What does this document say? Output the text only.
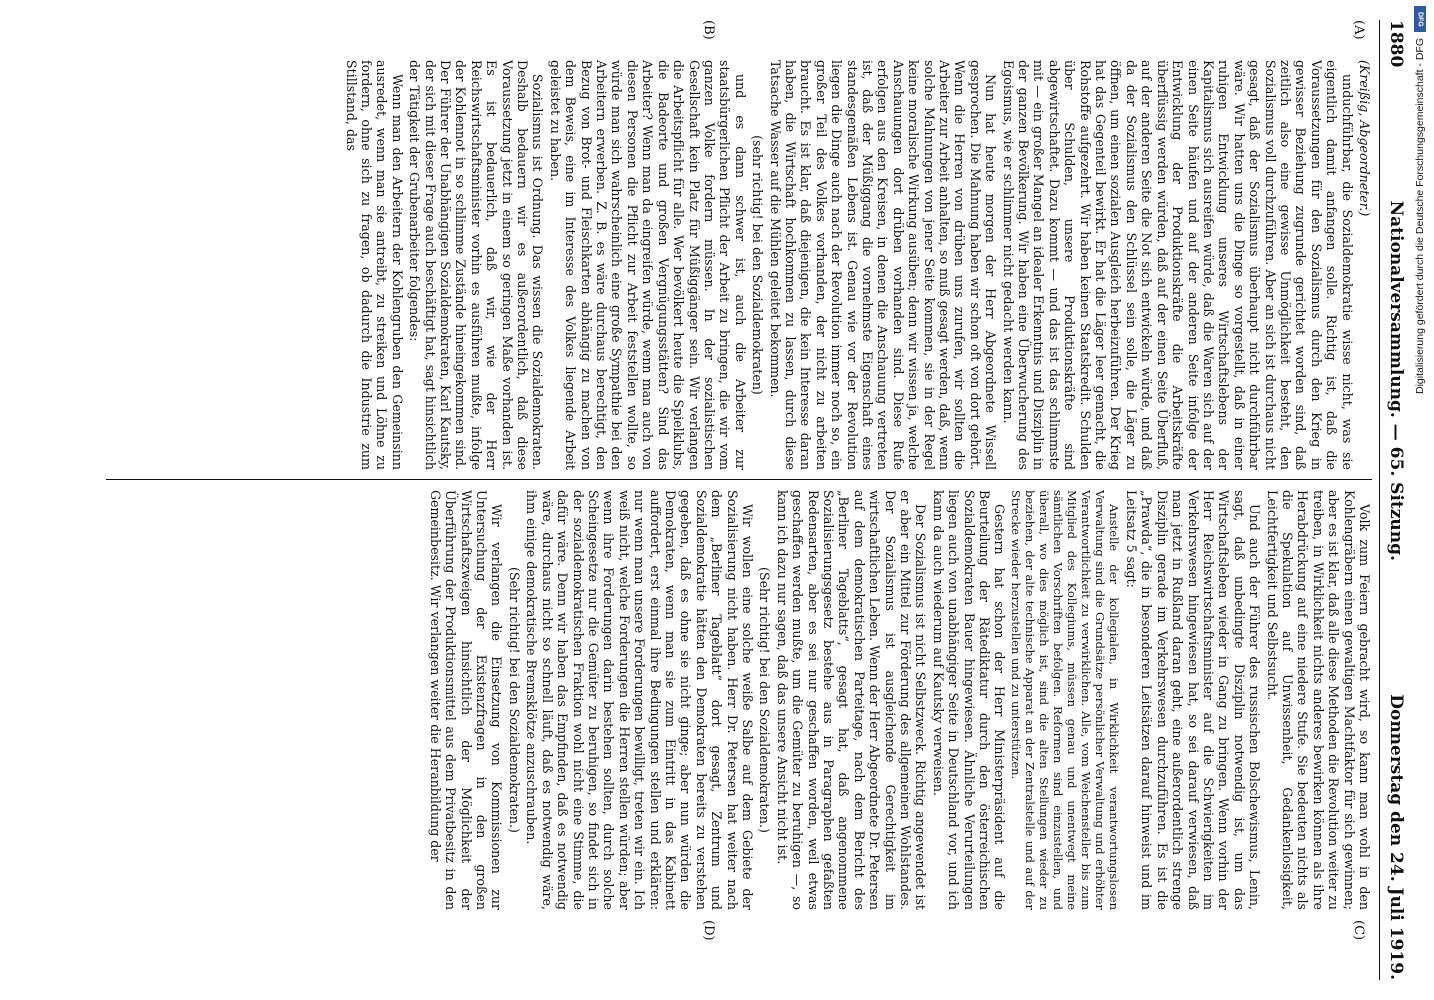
1880
Nationalversammlung. — 65. Sitzung.
Donnerstag den 24. Juli 1919.
(A)
(B)
(C)
(D)

(Kreißig, Abgeordneter.)

unduchführbar, die Sozialdemokratie wisse nicht, was sie eigentlich damit anfangen solle. Richtig ist, daß die Voraussetzungen für den Sozialismus durch den Krieg in gewisser Beziehung zugrunde gerichtet worden sind, daß zeitlich also eine gewisse Unmöglichkeit besteht, den Sozialismus voll durchzuführen. Aber an sich ist durchaus nicht gesagt, daß der Sozialismus überhaupt nicht durchführbar wäre. Wir hatten uns die Dinge so vorgestellt, daß in einer ruhigen Entwicklung unseres Wirtschaftslebens der Kapitalismus sich ausreifen würde, daß die Waren sich auf der einen Seite häufen und auf der anderen Seite infolge der Entwicklung der Produktionskräfte die Arbeitskräfte überflüssig werden würden, daß auf der einen Seite Überfluß, auf der anderen Seite die Not sich entwickeln würde, und daß da der Sozialismus den Schlüssel sein solle, die Läger zu öffnen, um einen sozialen Ausgleich herbeizuführen. Der Krieg hat das Gegenteil bewirkt. Er hat die Läger leer gemacht, die Rohstoffe aufgezehrt. Wir haben keinen Staatskredit. Schulden über Schulden, unsere Produktionskräfte sind abgewirtschaftet. Dazu kommt — und das ist das schlimmste mit — ein großer Mangel an idealer Erkenntnis und Disziplin in der ganzen Bevölkerung. Wir haben eine Überwucherung des Egoismus, wie er schlimmer nicht gedacht werden kann.

Nun hat heute morgen der Herr Abgeordnete Wissell gesprochen. Die Mahnung haben wir schon oft von dort gehört. Wenn die Herren von drüben uns zurufen, wir sollten die Arbeiter zur Arbeit anhalten, so muß gesagt werden, daß, wenn solche Mahnungen von jener Seite kommen, sie in der Regel keine moralische Wirkung ausüben; denn wir wissen ja, welche Anschauungen dort drüben vorhanden sind. Diese Rufe erfolgen aus den Kreisen, in denen die Anschauung vertreten ist, daß der Müßiggang die vornehmste Eigenschaft eines standesgemäßen Lebens ist. Genau wie vor der Revolution liegen die Dinge auch nach der Revolution immer noch so, ein großer Teil des Volkes vorhanden, der nicht zu arbeiten braucht. Es ist klar, daß diejenigen, die kein Interesse daran haben, die Wirtschaft hochkommen zu lassen, durch diese Tatsache Wasser auf die Mühlen geleitet bekommen.

(sehr richtig! bei den Sozialdemokraten)

und es dann schwer ist, auch die Arbeiter zur staatsbürgerlichen Pflicht der Arbeit zu bringen, die wir vom ganzen Volke fordern müssen. In der sozialistischen Gesellschaft kein Platz für Müßiggänger sein. Wir verlangen die Arbeitspflicht für alle. Wer bevölkert heute die Spielklubs, die Badeorte und großen Vergnügungsstätten? Sind das Arbeiter? Wenn man da eingreifen würde, wenn man auch von diesen Personen die Pflicht zur Arbeit feststellen wollte, so würde man sich wahrscheinlich eine große Sympathie bei den Arbeitern erwerben. Z. B. es wäre durchaus berechtigt, den Bezug von Brot- und Fleischkarten abhängig zu machen von dem Beweis, eine im Interesse des Volkes liegende Arbeit geleistet zu haben.

Sozialismus ist Ordnung. Das wissen die Sozialdemokraten. Deshalb bedauern wir es außerordentlich, daß diese Voraussetzung jetzt in einem so geringen Maße vorhanden ist. Es ist bedauerlich, daß wir, wie der Herr Reichswirtschaftsminister vorhin es ausführen mußte, infolge der Kohlennot in so schlimme Zustände hineingekommen sind. Der Führer der Unabhängigen Sozialdemokraten, Karl Kautsky, der sich mit dieser Frage auch beschäftigt hat, sagt hinsichtlich der Tätigkeit der Grubenarbeiter folgendes:

Wenn man den Arbeitern der Kohlengruben den Gemeinsinn ausredet, wenn man sie antreibt, zu streiken und Löhne zu fordern, ohne sich zu fragen, ob dadurch die Industrie zum Stillstand, das

Volk zum Feiern gebracht wird, so kann man wohl in den Kohlengräbern einen gewaltigen Machtfaktor für sich gewinnen; aber es ist klar, daß alle diese Methoden die Revolution weiter zu treiben, in Wirklichkeit nichts anderes bewirken können als ihre Herabdrückung auf eine niedere Stufe. Sie bedeuten nichts als die Spekulation auf Unwissenheit, Gedankenlosigkeit, Leichtfertigkeit und Selbstsucht.

Und auch der Führer des russischen Bolschewismus, Lenin, sagt, daß unbedingte Disziplin notwendig ist, um das Wirtschaftsleben wieder in Gang zu bringen. Wenn vorhin der Herr Reichswirtschaftsminister auf die Schwierigkeiten im Verkehrswesen hingewiesen hat, so sei darauf verwiesen, daß man jetzt in Rußland daran geht, eine außerordentlich strenge Disziplin gerade im Verkehrswesen durchzuführen. Es ist die „Prawda“, die in besonderen Leitsätzen darauf hinweist und im Leitsatz 5 sagt:

Anstelle der kollegialen, in Wirklichkeit verantwortungslosen Verwaltung sind die Grundsätze persönlicher Verwaltung und erhöhter Verantwortlichkeit zu verwirklichen. Alle, vom Weichensteller bis zum Mitglied des Kollegiums, müssen genau und unentwegt meine sämtlichen Vorschriften befolgen. Reformen sind einzustellen, und überall, wo dies möglich ist, sind die alten Stellungen wieder zu beziehen, der alte technische Apparat an der Zentralstelle und auf der Strecke wieder herzustellen und zu unterstützen.

Gestern hat schon der Herr Ministerpräsident auf die Beurteilung der Rätediktatur durch den österreichischen Sozialdemokraten Bauer hingewiesen. Ähnliche Verurteilungen liegen auch von unabhängiger Seite in Deutschland vor, und ich kann da auch wiederum auf Kautsky verweisen.

Der Sozialismus ist nicht Selbstzweck. Richtig angewendet ist er aber ein Mittel zur Förderung des allgemeinen Wohlstandes. Der Sozialismus ist ausgleichende Gerechtigkeit im wirtschaftlichen Leben. Wenn der Herr Abgeordnete Dr. Petersen auf dem demokratischen Parteitage, nach dem Bericht des „Berliner Tageblatts“, gesagt hat, daß angenommene Sozialisierungsgesetz bestehe aus in Paragraphen gefaßten Redensarten, aber es sei nur geschaffen worden, weil etwas geschaffen werden mußte, um die Gemüter zu beruhigen —, so kann ich dazu nur sagen, daß das unsere Ansicht nicht ist.

(Sehr richtig! bei den Sozialdemokraten.)

Wir wollen eine solche weiße Salbe auf dem Gebiete der Sozialisierung nicht haben. Herr Dr. Petersen hat weiter nach dem „Berliner Tageblatt“ dort gesagt, Zentrum und Sozialdemokratie hätten den Demokraten bereits zu verstehen gegeben, daß es ohne sie nicht ginge; aber nun würden die Demokraten, wenn man sie zum Eintritt in das Kabinett auffordert, erst einmal ihre Bedingungen stellen und erklären: nur wenn man unsere Forderungen bewilligt, treten wir ein. Ich weiß nicht, welche Forderungen die Herren stellen würden; aber wenn ihre Forderungen darin bestehen sollten, durch solche Scheingesetze nur die Gemüter zu beruhigen, so findet sich in der sozialdemokratischen Fraktion wohl nicht eine Stimme, die dafür wäre. Denn wir haben das Empfinden, daß es notwendig wäre, durchaus nicht so schnell läuft, daß es notwendig wäre, ihm einige demokratische Bremsklötze anzuschrauben.

(Sehr richtig! bei den Sozialdemokraten.)

Wir verlangen die Einsetzung von Kommissionen zur Untersuchung der Existenzfragen in den großen Wirtschaftszweigen hinsichtlich der Möglichkeit der Überführung der Produktionsmittel aus dem Privatbesitz in den Gemeinbesitz. Wir verlangen weiter die Heranbildung der

DFG
Digitalisierung gefördert durch die Deutsche Forschungsgemeinschaft - DFG
